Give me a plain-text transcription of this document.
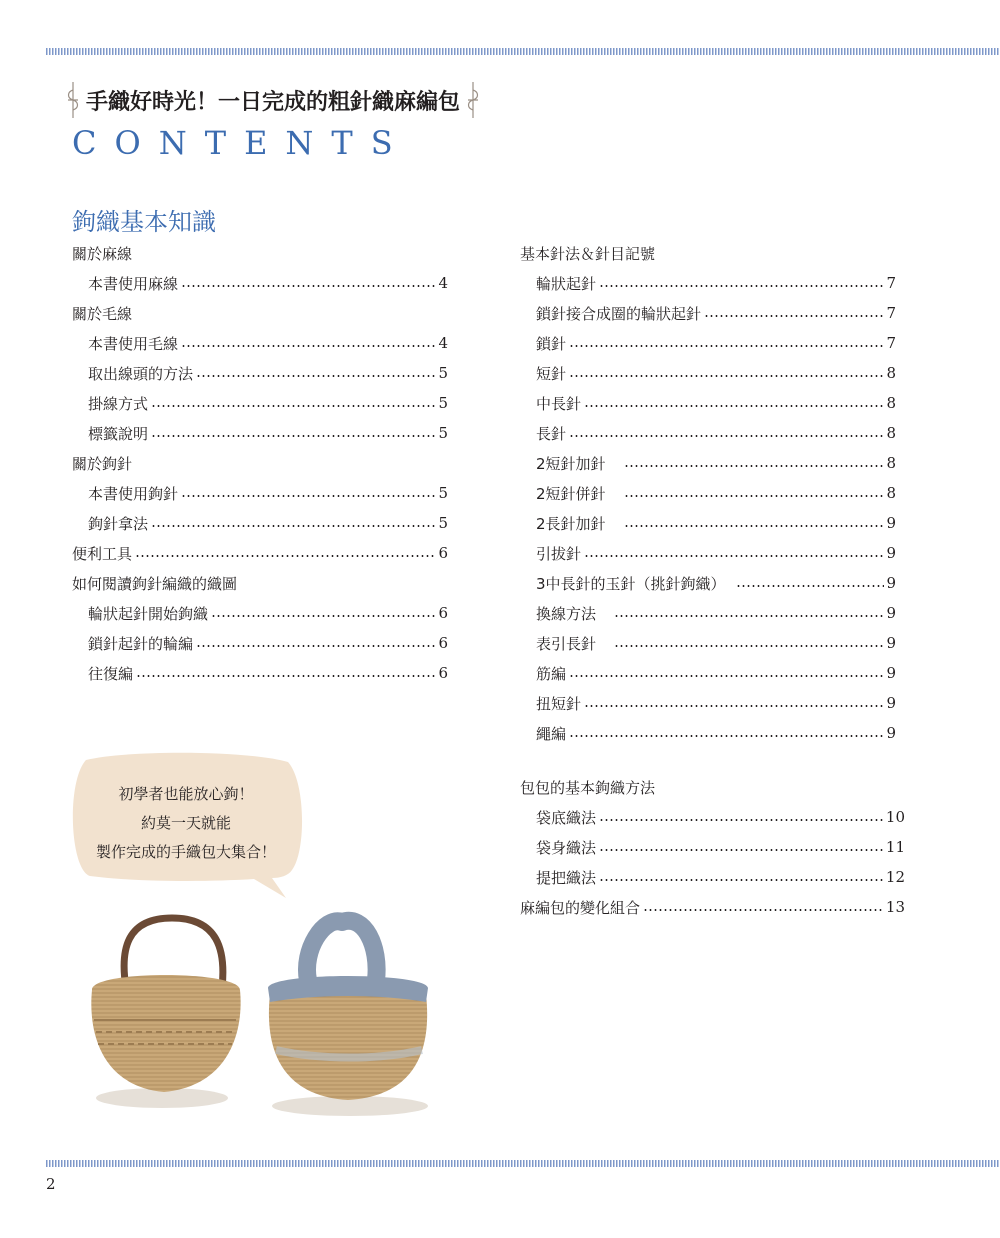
手織好時光！一日完成的粗針織麻編包
CONTENTS
鉤織基本知識
關於麻線
本書使用麻線	4
關於毛線
本書使用毛線	4
取出線頭的方法	5
掛線方式	5
標籤說明	5
關於鉤針
本書使用鉤針	5
鉤針拿法	5
便利工具	6
如何閱讀鉤針編織的織圖
輪狀起針開始鉤織	6
鎖針起針的輪編	6
往復編	6
基本針法＆針目記號
輪狀起針	7
鎖針接合成圈的輪狀起針	7
鎖針	7
短針	8
中長針	8
長針	8
2短針加針　	8
2短針併針　	8
2長針加針　	9
引拔針	9
3中長針的玉針（挑針鉤織）　	9
換線方法　	9
表引長針　	9
筋編	9
扭短針	9
繩編	9
包包的基本鉤織方法
袋底織法	10
袋身織法	11
提把織法	12
麻編包的變化組合	13
初學者也能放心鉤！
約莫一天就能
製作完成的手織包大集合！
2
